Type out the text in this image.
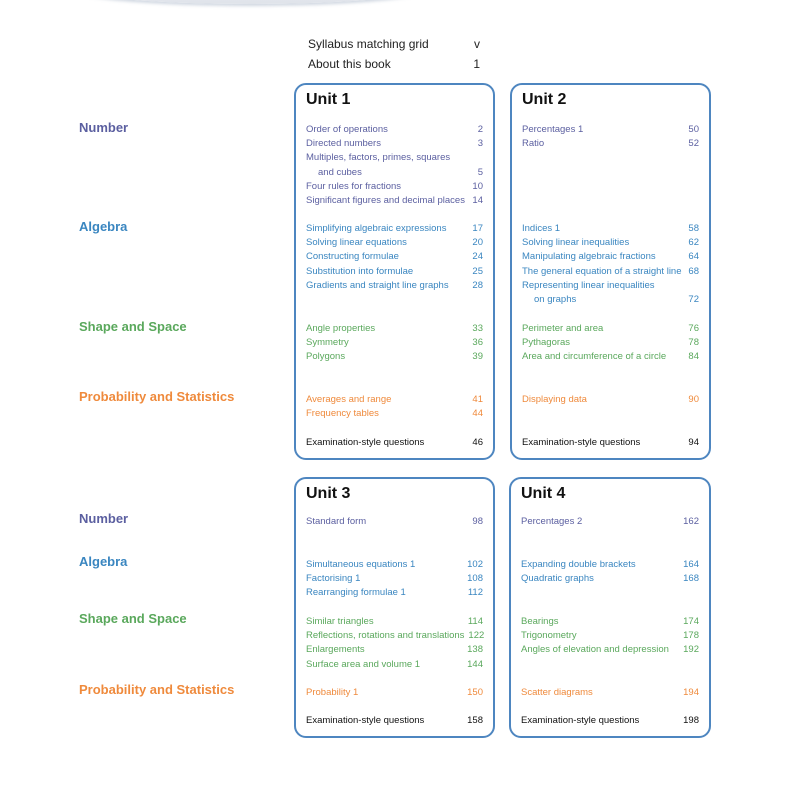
Syllabus matching grid	v
About this book	1
Number
Algebra
Shape and Space
Probability and Statistics
Number
Algebra
Shape and Space
Probability and Statistics
Unit 1
Order of operations	2
Directed numbers	3
Multiples, factors, primes, squares
and cubes	5
Four rules for fractions	10
Significant figures and decimal places 14
Simplifying algebraic expressions	17
Solving linear equations	20
Constructing formulae	24
Substitution into formulae	25
Gradients and straight line graphs	28
Angle properties	33
Symmetry	36
Polygons	39
Averages and range	41
Frequency tables	44
Examination-style questions	46
Unit 2
Percentages 1	50
Ratio	52
Indices 1	58
Solving linear inequalities	62
Manipulating algebraic fractions	64
The general equation of a straight line 68
Representing linear inequalities
on graphs	72
Perimeter and area	76
Pythagoras	78
Area and circumference of a circle 84
Displaying data	90
Examination-style questions	94
Unit 3
Standard form	98
Simultaneous equations 1	102
Factorising 1	108
Rearranging formulae 1	112
Similar triangles	114
Reflections, rotations and translations 122
Enlargements	138
Surface area and volume 1	144
Probability 1	150
Examination-style questions	158
Unit 4
Percentages 2	162
Expanding double brackets	164
Quadratic graphs	168
Bearings	174
Trigonometry	178
Angles of elevation and depression 192
Scatter diagrams	194
Examination-style questions	198
